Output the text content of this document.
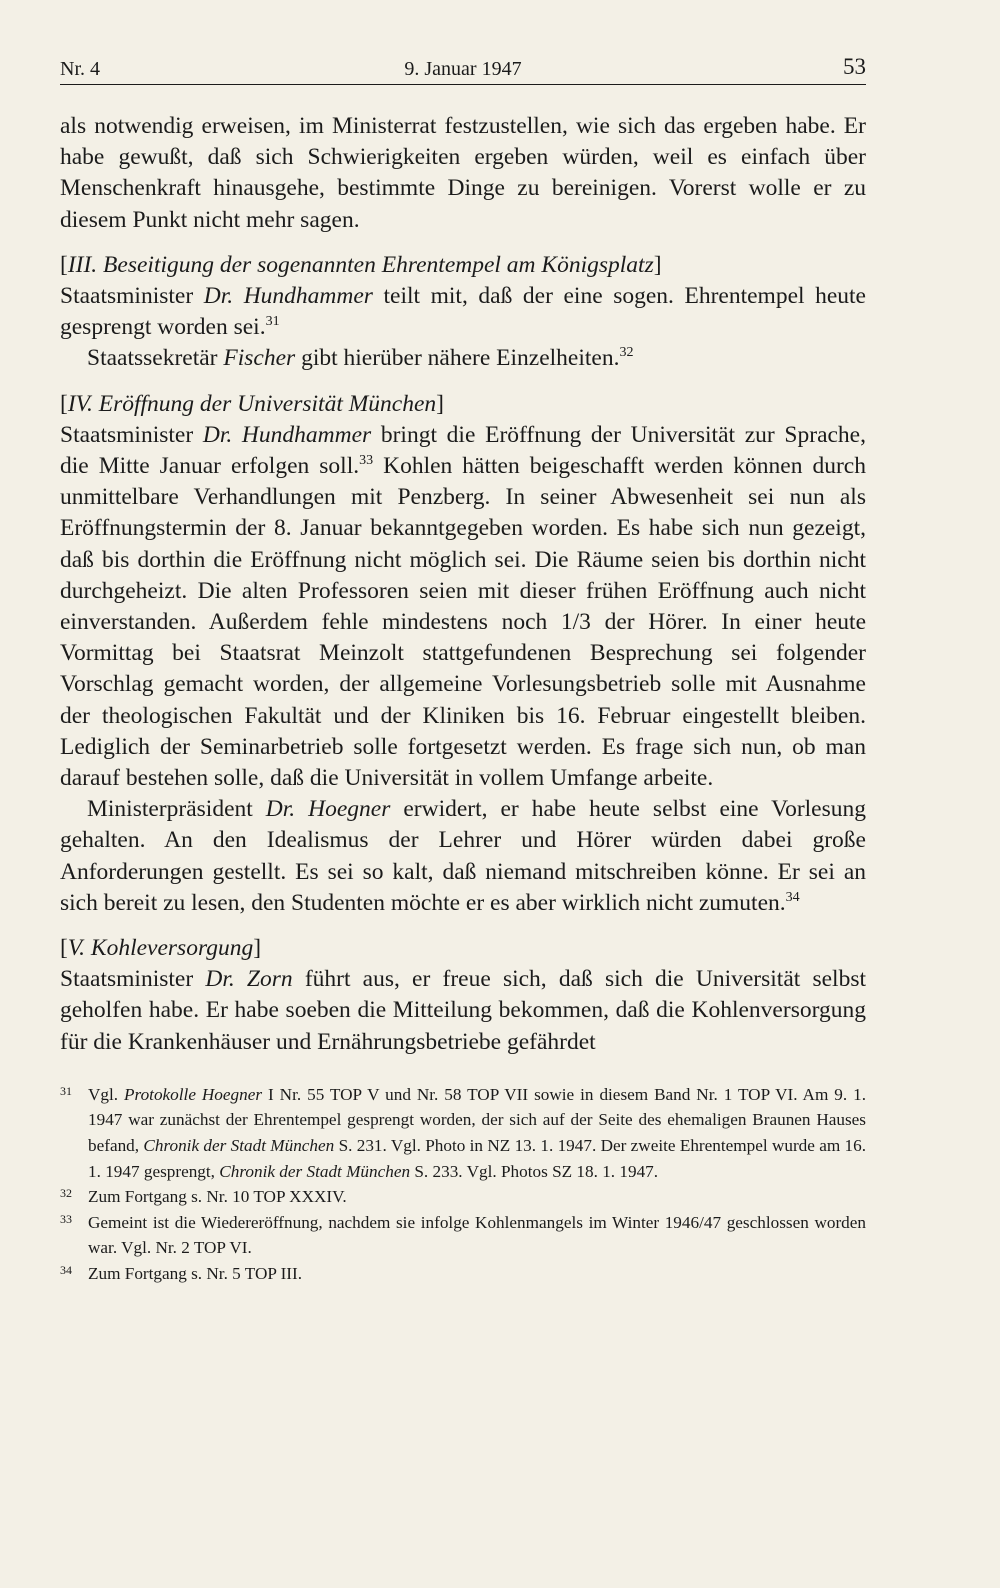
Nr. 4	9. Januar 1947	53

als notwendig erweisen, im Ministerrat festzustellen, wie sich das ergeben habe. Er habe gewußt, daß sich Schwierigkeiten ergeben würden, weil es einfach über Menschenkraft hinausgehe, bestimmte Dinge zu bereinigen. Vorerst wolle er zu diesem Punkt nicht mehr sagen.

[III. Beseitigung der sogenannten Ehrentempel am Königsplatz]

Staatsminister Dr. Hundhammer teilt mit, daß der eine sogen. Ehrentempel heute gesprengt worden sei.$^{31}$

Staatssekretär Fischer gibt hierüber nähere Einzelheiten.$^{32}$

[IV. Eröffnung der Universität München]

Staatsminister Dr. Hundhammer bringt die Eröffnung der Universität zur Sprache, die Mitte Januar erfolgen soll.$^{33}$ Kohlen hätten beigeschafft werden können durch unmittelbare Verhandlungen mit Penzberg. In seiner Abwesenheit sei nun als Eröffnungstermin der 8. Januar bekanntgegeben worden. Es habe sich nun gezeigt, daß bis dorthin die Eröffnung nicht möglich sei. Die Räume seien bis dorthin nicht durchgeheizt. Die alten Professoren seien mit dieser frühen Eröffnung auch nicht einverstanden. Außerdem fehle mindestens noch 1/3 der Hörer. In einer heute Vormittag bei Staatsrat Meinzolt stattgefundenen Besprechung sei folgender Vorschlag gemacht worden, der allgemeine Vorlesungsbetrieb solle mit Ausnahme der theologischen Fakultät und der Kliniken bis 16. Februar eingestellt bleiben. Lediglich der Seminarbetrieb solle fortgesetzt werden. Es frage sich nun, ob man darauf bestehen solle, daß die Universität in vollem Umfange arbeite.

Ministerpräsident Dr. Hoegner erwidert, er habe heute selbst eine Vorlesung gehalten. An den Idealismus der Lehrer und Hörer würden dabei große Anforderungen gestellt. Es sei so kalt, daß niemand mitschreiben könne. Er sei an sich bereit zu lesen, den Studenten möchte er es aber wirklich nicht zumuten.$^{34}$

[V. Kohleversorgung]

Staatsminister Dr. Zorn führt aus, er freue sich, daß sich die Universität selbst geholfen habe. Er habe soeben die Mitteilung bekommen, daß die Kohlenversorgung für die Krankenhäuser und Ernährungsbetriebe gefährdet

31 Vgl. Protokolle Hoegner I Nr. 55 TOP V und Nr. 58 TOP VII sowie in diesem Band Nr. 1 TOP VI. Am 9. 1. 1947 war zunächst der Ehrentempel gesprengt worden, der sich auf der Seite des ehemaligen Braunen Hauses befand, Chronik der Stadt München S. 231. Vgl. Photo in NZ 13. 1. 1947. Der zweite Ehrentempel wurde am 16. 1. 1947 gesprengt, Chronik der Stadt München S. 233. Vgl. Photos SZ 18. 1. 1947.

32 Zum Fortgang s. Nr. 10 TOP XXXIV.

33 Gemeint ist die Wiedereröffnung, nachdem sie infolge Kohlenmangels im Winter 1946/47 geschlossen worden war. Vgl. Nr. 2 TOP VI.

34 Zum Fortgang s. Nr. 5 TOP III.
